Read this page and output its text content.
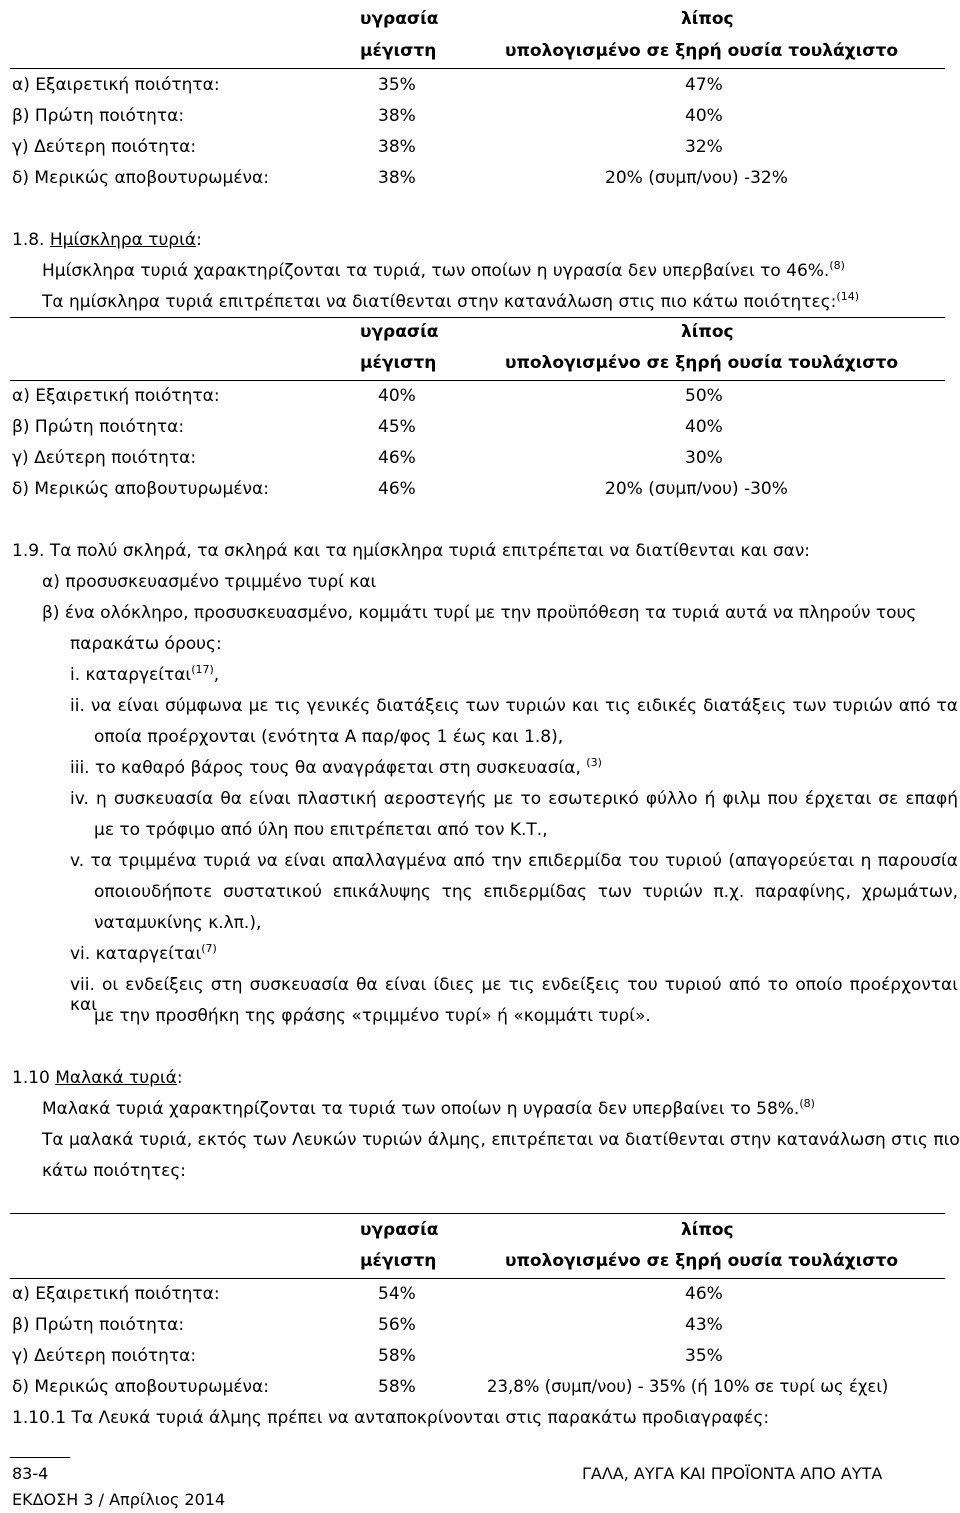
υγρασία
μέγιστη
λίπος
υπολογισμένο σε ξηρή ουσία τουλάχιστο
α) Εξαιρετική ποιότητα:	35%	47%
β) Πρώτη ποιότητα:	38%	40%
γ) Δεύτερη ποιότητα:	38%	32%
δ) Μερικώς αποβουτυρωμένα:	38%	20% (συμπ/νου) -32%
1.8. Ημίσκληρα τυριά:
Ημίσκληρα τυριά χαρακτηρίζονται τα τυριά, των οποίων η υγρασία δεν υπερβαίνει το 46%.$^{(8)}$
Τα ημίσκληρα τυριά επιτρέπεται να διατίθενται στην κατανάλωση στις πιο κάτω ποιότητες:$^{(14)}$
υγρασία
μέγιστη
λίπος
υπολογισμένο σε ξηρή ουσία τουλάχιστο
α) Εξαιρετική ποιότητα:	40%	50%
β) Πρώτη ποιότητα:	45%	40%
γ) Δεύτερη ποιότητα:	46%	30%
δ) Μερικώς αποβουτυρωμένα:	46%	20% (συμπ/νου) -30%
1.9. Τα πολύ σκληρά, τα σκληρά και τα ημίσκληρα τυριά επιτρέπεται να διατίθενται και σαν:
α) προσυσκευασμένο τριμμένο τυρί και
β) ένα ολόκληρο, προσυσκευασμένο, κομμάτι τυρί με την προϋπόθεση τα τυριά αυτά να πληρούν τους
παρακάτω όρους:
i. καταργείται$^{(17)}$,
ii. να είναι σύμφωνα με τις γενικές διατάξεις των τυριών και τις ειδικές διατάξεις των τυριών από τα
οποία προέρχονται (ενότητα Α παρ/φος 1 έως και 1.8),
iii. το καθαρό βάρος τους θα αναγράφεται στη συσκευασία, $^{(3)}$
iv. η συσκευασία θα είναι πλαστική αεροστεγής με το εσωτερικό φύλλο ή φιλμ που έρχεται σε επαφή
με το τρόφιμο από ύλη που επιτρέπεται από τον Κ.Τ.,
v. τα τριμμένα τυριά να είναι απαλλαγμένα από την επιδερμίδα του τυριού (απαγορεύεται η παρουσία
οποιουδήποτε συστατικού επικάλυψης της επιδερμίδας των τυριών π.χ. παραφίνης, χρωμάτων,
ναταμυκίνης κ.λπ.),
vi. καταργείται$^{(7)}$
vii. οι ενδείξεις στη συσκευασία θα είναι ίδιες με τις ενδείξεις του τυριού από το οποίο προέρχονται και
με την προσθήκη της φράσης «τριμμένο τυρί» ή «κομμάτι τυρί».
1.10 Μαλακά τυριά:
Μαλακά τυριά χαρακτηρίζονται τα τυριά των οποίων η υγρασία δεν υπερβαίνει το 58%.$^{(8)}$
Τα μαλακά τυριά, εκτός των Λευκών τυριών άλμης, επιτρέπεται να διατίθενται στην κατανάλωση στις πιο
κάτω ποιότητες:
υγρασία
μέγιστη
λίπος
υπολογισμένο σε ξηρή ουσία τουλάχιστο
α) Εξαιρετική ποιότητα:	54%	46%
β) Πρώτη ποιότητα:	56%	43%
γ) Δεύτερη ποιότητα:	58%	35%
δ) Μερικώς αποβουτυρωμένα:	58%	23,8% (συμπ/νου) - 35% (ή 10% σε τυρί ως έχει)
1.10.1 Τα Λευκά τυριά άλμης πρέπει να ανταποκρίνονται στις παρακάτω προδιαγραφές:
83-4
ΕΚΔΟΣΗ 3 / Απρίλιος 2014
ΓΑΛΑ, ΑΥΓΑ ΚΑΙ ΠΡΟΪΟΝΤΑ ΑΠΟ ΑΥΤΑ
